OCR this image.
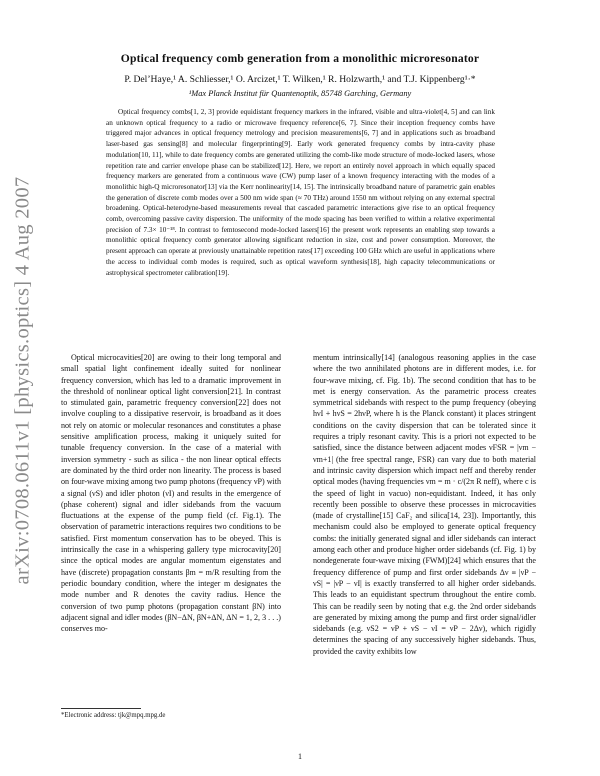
arXiv:0708.0611v1 [physics.optics] 4 Aug 2007
Optical frequency comb generation from a monolithic microresonator
P. Del’Haye,¹ A. Schliesser,¹ O. Arcizet,¹ T. Wilken,¹ R. Holzwarth,¹ and T.J. Kippenberg¹·*
¹Max Planck Institut für Quantenoptik, 85748 Garching, Germany

Optical frequency combs[1, 2, 3] provide equidistant frequency markers in the infrared, visible and ultra-violet[4, 5] and can link an unknown optical frequency to a radio or microwave frequency reference[6, 7]. Since their inception frequency combs have triggered major advances in optical frequency metrology and precision measurements[6, 7] and in applications such as broadband laser-based gas sensing[8] and molecular fingerprinting[9]. Early work generated frequency combs by intra-cavity phase modulation[10, 11], while to date frequency combs are generated utilizing the comb-like mode structure of mode-locked lasers, whose repetition rate and carrier envelope phase can be stabilized[12]. Here, we report an entirely novel approach in which equally spaced frequency markers are generated from a continuous wave (CW) pump laser of a known frequency interacting with the modes of a monolithic high-Q microresonator[13] via the Kerr nonlinearity[14, 15]. The intrinsically broadband nature of parametric gain enables the generation of discrete comb modes over a 500 nm wide span (≈ 70 THz) around 1550 nm without relying on any external spectral broadening. Optical-heterodyne-based measurements reveal that cascaded parametric interactions give rise to an optical frequency comb, overcoming passive cavity dispersion. The uniformity of the mode spacing has been verified to within a relative experimental precision of 7.3× 10⁻¹⁸. In contrast to femtosecond mode-locked lasers[16] the present work represents an enabling step towards a monolithic optical frequency comb generator allowing significant reduction in size, cost and power consumption. Moreover, the present approach can operate at previously unattainable repetition rates[17] exceeding 100 GHz which are useful in applications where the access to individual comb modes is required, such as optical waveform synthesis[18], high capacity telecommunications or astrophysical spectrometer calibration[19].

Optical microcavities[20] are owing to their long temporal and small spatial light confinement ideally suited for nonlinear frequency conversion, which has led to a dramatic improvement in the threshold of nonlinear optical light conversion[21]. In contrast to stimulated gain, parametric frequency conversion[22] does not involve coupling to a dissipative reservoir, is broadband as it does not rely on atomic or molecular resonances and constitutes a phase sensitive amplification process, making it uniquely suited for tunable frequency conversion. In the case of a material with inversion symmetry - such as silica - the non linear optical effects are dominated by the third order non linearity. The process is based on four-wave mixing among two pump photons (frequency νP) with a signal (νS) and idler photon (νI) and results in the emergence of (phase coherent) signal and idler sidebands from the vacuum fluctuations at the expense of the pump field (cf. Fig.1). The observation of parametric interactions requires two conditions to be satisfied. First momentum conservation has to be obeyed. This is intrinsically the case in a whispering gallery type microcavity[20] since the optical modes are angular momentum eigenstates and have (discrete) propagation constants βm = m/R resulting from the periodic boundary condition, where the integer m designates the mode number and R denotes the cavity radius. Hence the conversion of two pump photons (propagation constant βN) into adjacent signal and idler modes (βN−ΔN, βN+ΔN, ΔN = 1, 2, 3 . . .) conserves mo-

mentum intrinsically[14] (analogous reasoning applies in the case where the two annihilated photons are in different modes, i.e. for four-wave mixing, cf. Fig. 1b). The second condition that has to be met is energy conservation. As the parametric process creates symmetrical sidebands with respect to the pump frequency (obeying hνI + hνS = 2hνP, where h is the Planck constant) it places stringent conditions on the cavity dispersion that can be tolerated since it requires a triply resonant cavity. This is a priori not expected to be satisfied, since the distance between adjacent modes νFSR = |νm − νm+1| (the free spectral range, FSR) can vary due to both material and intrinsic cavity dispersion which impact neff and thereby render optical modes (having frequencies νm = m · c/(2π R neff), where c is the speed of light in vacuo) non-equidistant. Indeed, it has only recently been possible to observe these processes in microcavities (made of crystalline[15] CaF₂ and silica[14, 23]). Importantly, this mechanism could also be employed to generate optical frequency combs: the initially generated signal and idler sidebands can interact among each other and produce higher order sidebands (cf. Fig. 1) by nondegenerate four-wave mixing (FWM)[24] which ensures that the frequency difference of pump and first order sidebands Δν ≡ |νP − νS| = |νP − νI| is exactly transferred to all higher order sidebands. This leads to an equidistant spectrum throughout the entire comb. This can be readily seen by noting that e.g. the 2nd order sidebands are generated by mixing among the pump and first order signal/idler sidebands (e.g. νS2 = νP + νS − νI = νP − 2Δν), which rigidly determines the spacing of any successively higher sidebands. Thus, provided the cavity exhibits low

*Electronic address: tjk@mpq.mpg.de
1
